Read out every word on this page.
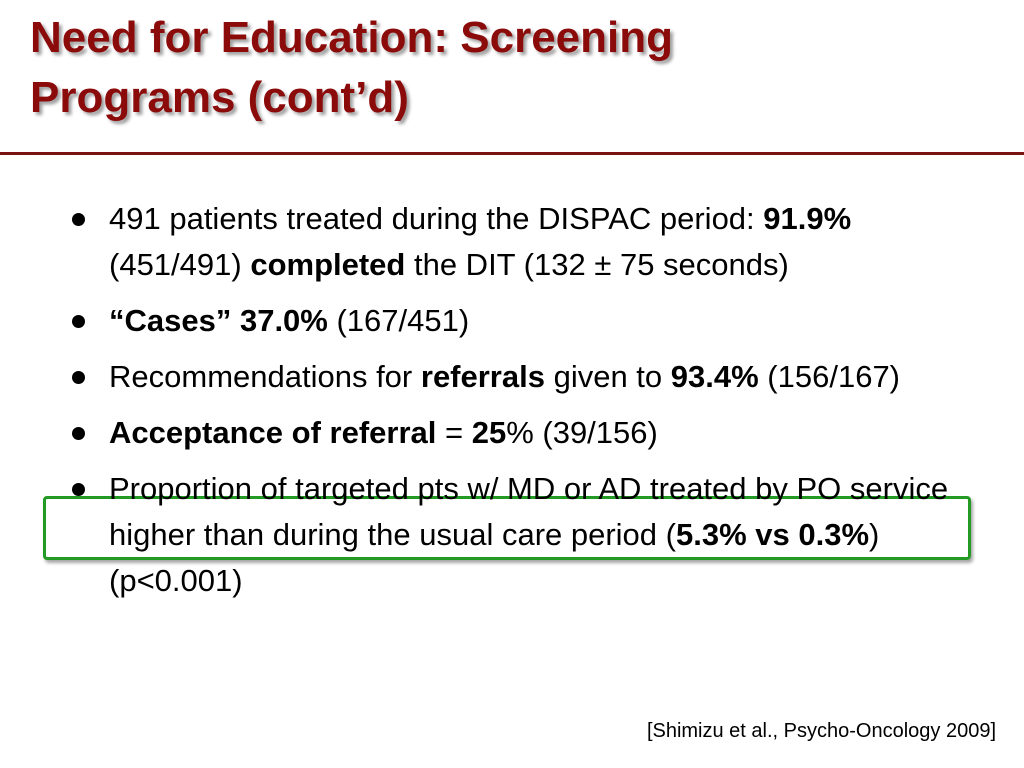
Need for Education: Screening
Programs (cont’d)
491 patients treated during the DISPAC period: 91.9% (451/491) completed the DIT (132 ± 75 seconds)
“Cases” 37.0% (167/451)
Recommendations for referrals given to 93.4% (156/167)
Acceptance of referral = 25% (39/156)
Proportion of targeted pts w/ MD or AD treated by PO service higher than during the usual care period (5.3% vs 0.3%) (p<0.001)
[Shimizu et al., Psycho-Oncology 2009]
